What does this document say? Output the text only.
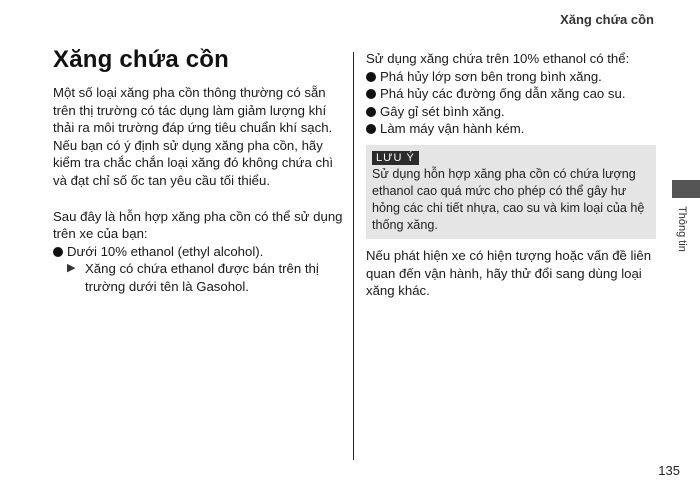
Xăng chứa cồn
Xăng chứa cồn

Một số loại xăng pha cồn thông thường có sẵn trên thị trường có tác dụng làm giảm lượng khí thải ra môi trường đáp ứng tiêu chuẩn khí sạch. Nếu bạn có ý định sử dụng xăng pha cồn, hãy kiểm tra chắc chắn loại xăng đó không chứa chì và đạt chỉ số ốc tan yêu cầu tối thiểu.

Sau đây là hỗn hợp xăng pha cồn có thể sử dụng trên xe của bạn:

Dưới 10% ethanol (ethyl alcohol).
▶ Xăng có chứa ethanol được bán trên thị trường dưới tên là Gasohol.

Sử dụng xăng chứa trên 10% ethanol có thể:

Phá hủy lớp sơn bên trong bình xăng.
Phá hủy các đường ống dẫn xăng cao su.
Gây gỉ sét bình xăng.
Làm máy vận hành kém.
LƯU Ý
Sử dụng hỗn hợp xăng pha cồn có chứa lượng ethanol cao quá mức cho phép có thể gây hư hỏng các chi tiết nhựa, cao su và kim loại của hệ thống xăng.

Nếu phát hiện xe có hiện tượng hoặc vấn đề liên quan đến vận hành, hãy thử đổi sang dùng loại xăng khác.

Thông tin
135
